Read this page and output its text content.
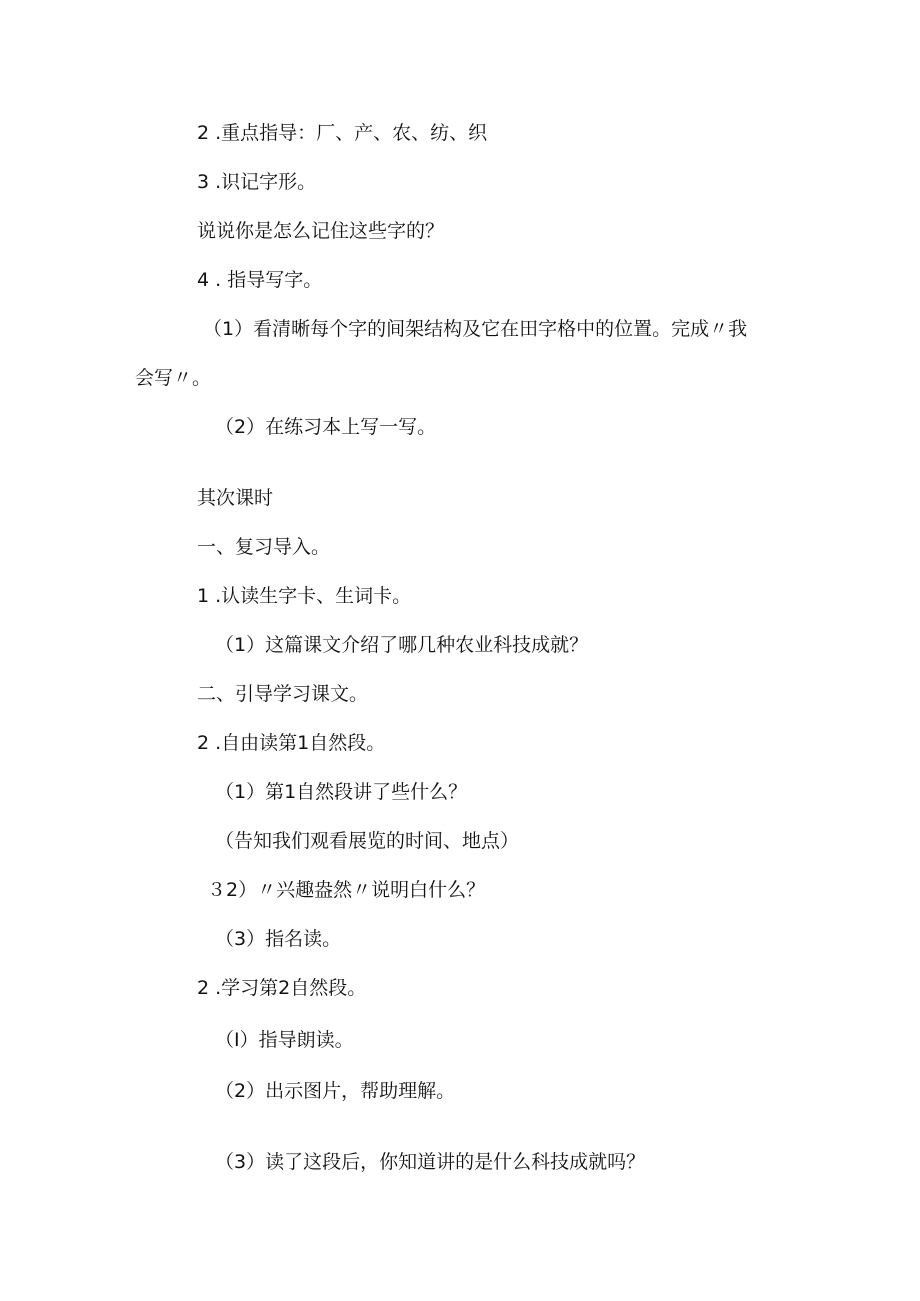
2 .重点指导：厂、产、农、纺、织
3 .识记字形。
说说你是怎么记住这些字的？
4 . 指导写字。
（1）看清晰每个字的间架结构及它在田字格中的位置。完成〃我
会写〃。
（2）在练习本上写一写。
其次课时
一、复习导入。
1 .认读生字卡、生词卡。
（1）这篇课文介绍了哪几种农业科技成就？
二、引导学习课文。
2 .自由读第1自然段。
（1）第1自然段讲了些什么？
（告知我们观看展览的时间、地点）
３2）〃兴趣盎然〃说明白什么？
（3）指名读。
2 .学习第2自然段。
（I）指导朗读。
（2）出示图片，帮助理解。
（3）读了这段后，你知道讲的是什么科技成就吗？
